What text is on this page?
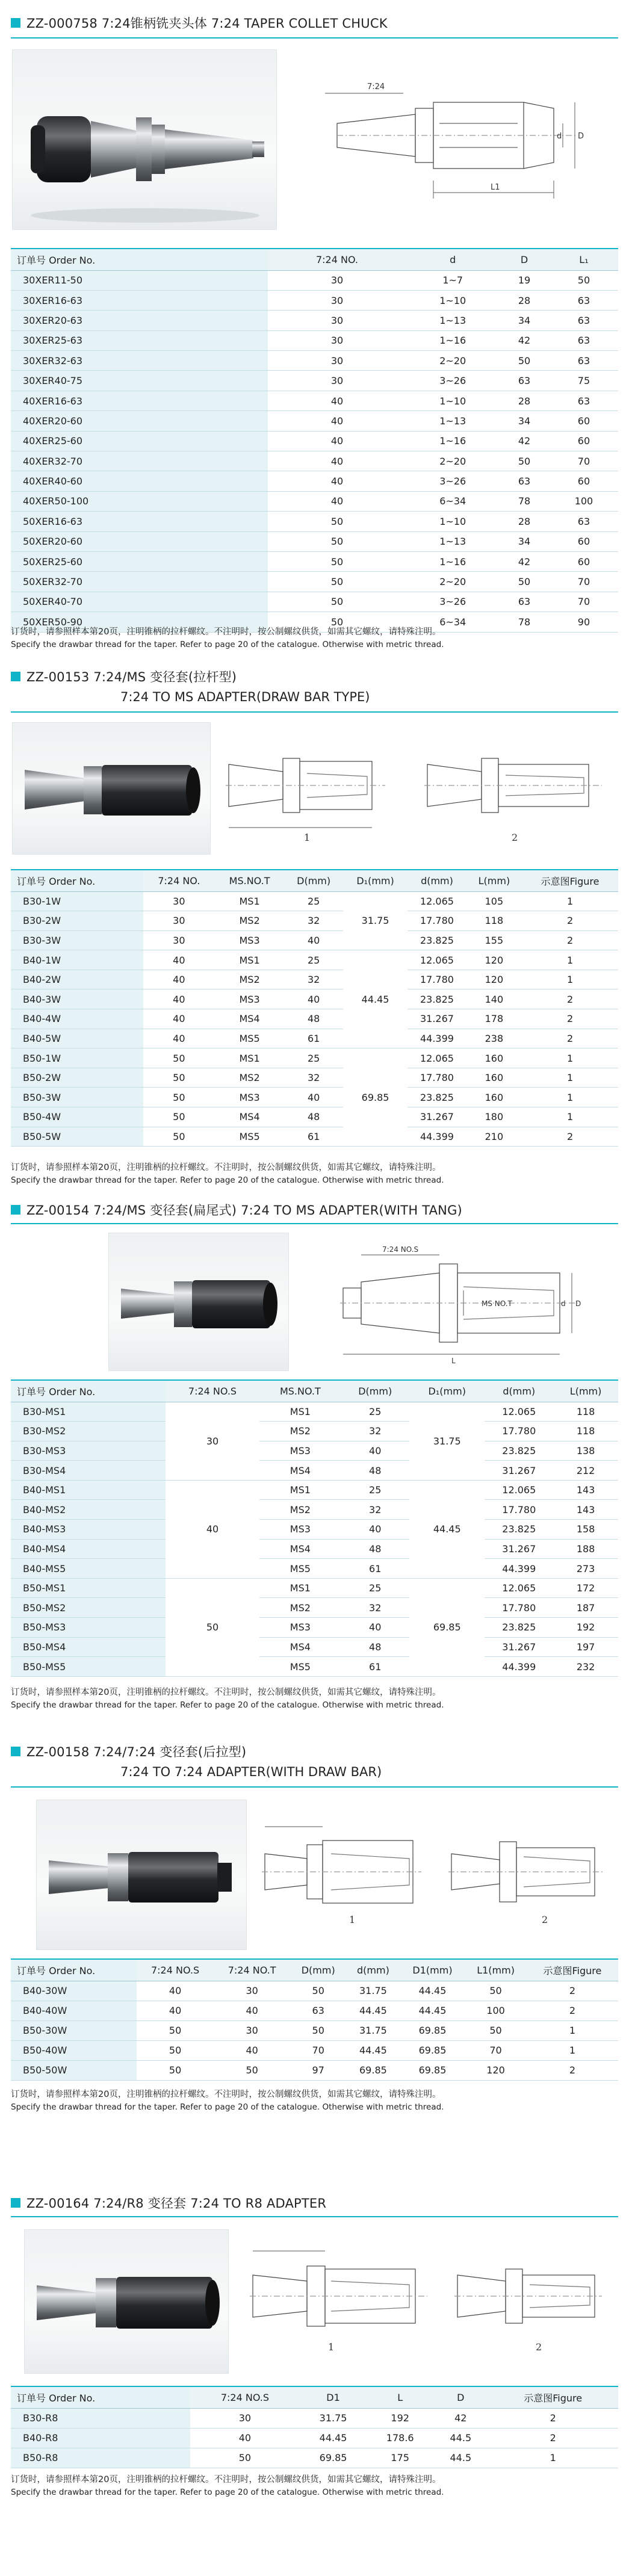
ZZ-000758 7:24锥柄铣夹头体 7:24 TAPER COLLET CHUCK
7:24
L1
D
d
订单号 Order No.	7:24 NO.	d	D	L₁
30XER11-50	30	1~7	19	50
30XER16-63	30	1~10	28	63
30XER20-63	30	1~13	34	63
30XER25-63	30	1~16	42	63
30XER32-63	30	2~20	50	63
30XER40-75	30	3~26	63	75
40XER16-63	40	1~10	28	63
40XER20-60	40	1~13	34	60
40XER25-60	40	1~16	42	60
40XER32-70	40	2~20	50	70
40XER40-60	40	3~26	63	60
40XER50-100	40	6~34	78	100
50XER16-63	50	1~10	28	63
50XER20-60	50	1~13	34	60
50XER25-60	50	1~16	42	60
50XER32-70	50	2~20	50	70
50XER40-70	50	3~26	63	70
50XER50-90	50	6~34	78	90
订货时，请参照样本第20页，注明锥柄的拉杆螺纹。不注明时，按公制螺纹供货，如需其它螺纹，请特殊注明。
Specify the drawbar thread for the taper. Refer to page 20 of the catalogue. Otherwise with metric thread.
ZZ-00153 7:24/MS 变径套(拉杆型)
7:24 TO MS ADAPTER(DRAW BAR TYPE)
1	2
订单号 Order No.	7:24 NO.	MS.NO.T	D(mm)	D₁(mm)	d(mm)	L(mm)	示意图Figure
B30-1W	30	MS1	25	31.75	12.065	105	1
B30-2W	30	MS2	32		17.780	118	2
B30-3W	30	MS3	40		23.825	155	2
B40-1W	40	MS1	25	44.45	12.065	120	1
B40-2W	40	MS2	32		17.780	120	1
B40-3W	40	MS3	40		23.825	140	2
B40-4W	40	MS4	48		31.267	178	2
B40-5W	40	MS5	61		44.399	238	2
B50-1W	50	MS1	25	69.85	12.065	160	1
B50-2W	50	MS2	32		17.780	160	1
B50-3W	50	MS3	40		23.825	160	1
B50-4W	50	MS4	48		31.267	180	1
B50-5W	50	MS5	61		44.399	210	2
订货时，请参照样本第20页，注明锥柄的拉杆螺纹。不注明时，按公制螺纹供货，如需其它螺纹，请特殊注明。
Specify the drawbar thread for the taper. Refer to page 20 of the catalogue. Otherwise with metric thread.
ZZ-00154 7:24/MS 变径套(扁尾式) 7:24 TO MS ADAPTER(WITH TANG)
7:24 NO.S
MS NO.T	d D
L
订单号 Order No.	7:24 NO.S	MS.NO.T	D(mm)	D₁(mm)	d(mm)	L(mm)
B30-MS1	30	MS1	25	31.75	12.065	118
B30-MS2		MS2	32		17.780	118
B30-MS3		MS3	40		23.825	138
B30-MS4		MS4	48		31.267	212
B40-MS1	40	MS1	25	44.45	12.065	143
B40-MS2		MS2	32		17.780	143
B40-MS3		MS3	40		23.825	158
B40-MS4		MS4	48		31.267	188
B40-MS5		MS5	61		44.399	273
B50-MS1	50	MS1	25	69.85	12.065	172
B50-MS2		MS2	32		17.780	187
B50-MS3		MS3	40		23.825	192
B50-MS4		MS4	48		31.267	197
B50-MS5		MS5	61		44.399	232
订货时，请参照样本第20页，注明锥柄的拉杆螺纹。不注明时，按公制螺纹供货，如需其它螺纹，请特殊注明。
Specify the drawbar thread for the taper. Refer to page 20 of the catalogue. Otherwise with metric thread.
ZZ-00158 7:24/7:24 变径套(后拉型)
7:24 TO 7:24 ADAPTER(WITH DRAW BAR)
1	2
订单号 Order No.	7:24 NO.S	7:24 NO.T	D(mm)	d(mm)	D1(mm)	L1(mm)	示意图Figure
B40-30W	40	30	50	31.75	44.45	50	2
B40-40W	40	40	63	44.45	44.45	100	2
B50-30W	50	30	50	31.75	69.85	50	1
B50-40W	50	40	70	44.45	69.85	70	1
B50-50W	50	50	97	69.85	69.85	120	2
订货时，请参照样本第20页，注明锥柄的拉杆螺纹。不注明时，按公制螺纹供货，如需其它螺纹，请特殊注明。
Specify the drawbar thread for the taper. Refer to page 20 of the catalogue. Otherwise with metric thread.
ZZ-00164 7:24/R8 变径套 7:24 TO R8 ADAPTER
1	2
订单号 Order No.	7:24 NO.S	D1	L	D	示意图Figure
B30-R8	30	31.75	192	42	2
B40-R8	40	44.45	178.6	44.5	2
B50-R8	50	69.85	175	44.5	1
订货时，请参照样本第20页，注明锥柄的拉杆螺纹。不注明时，按公制螺纹供货，如需其它螺纹，请特殊注明。
Specify the drawbar thread for the taper. Refer to page 20 of the catalogue. Otherwise with metric thread.
